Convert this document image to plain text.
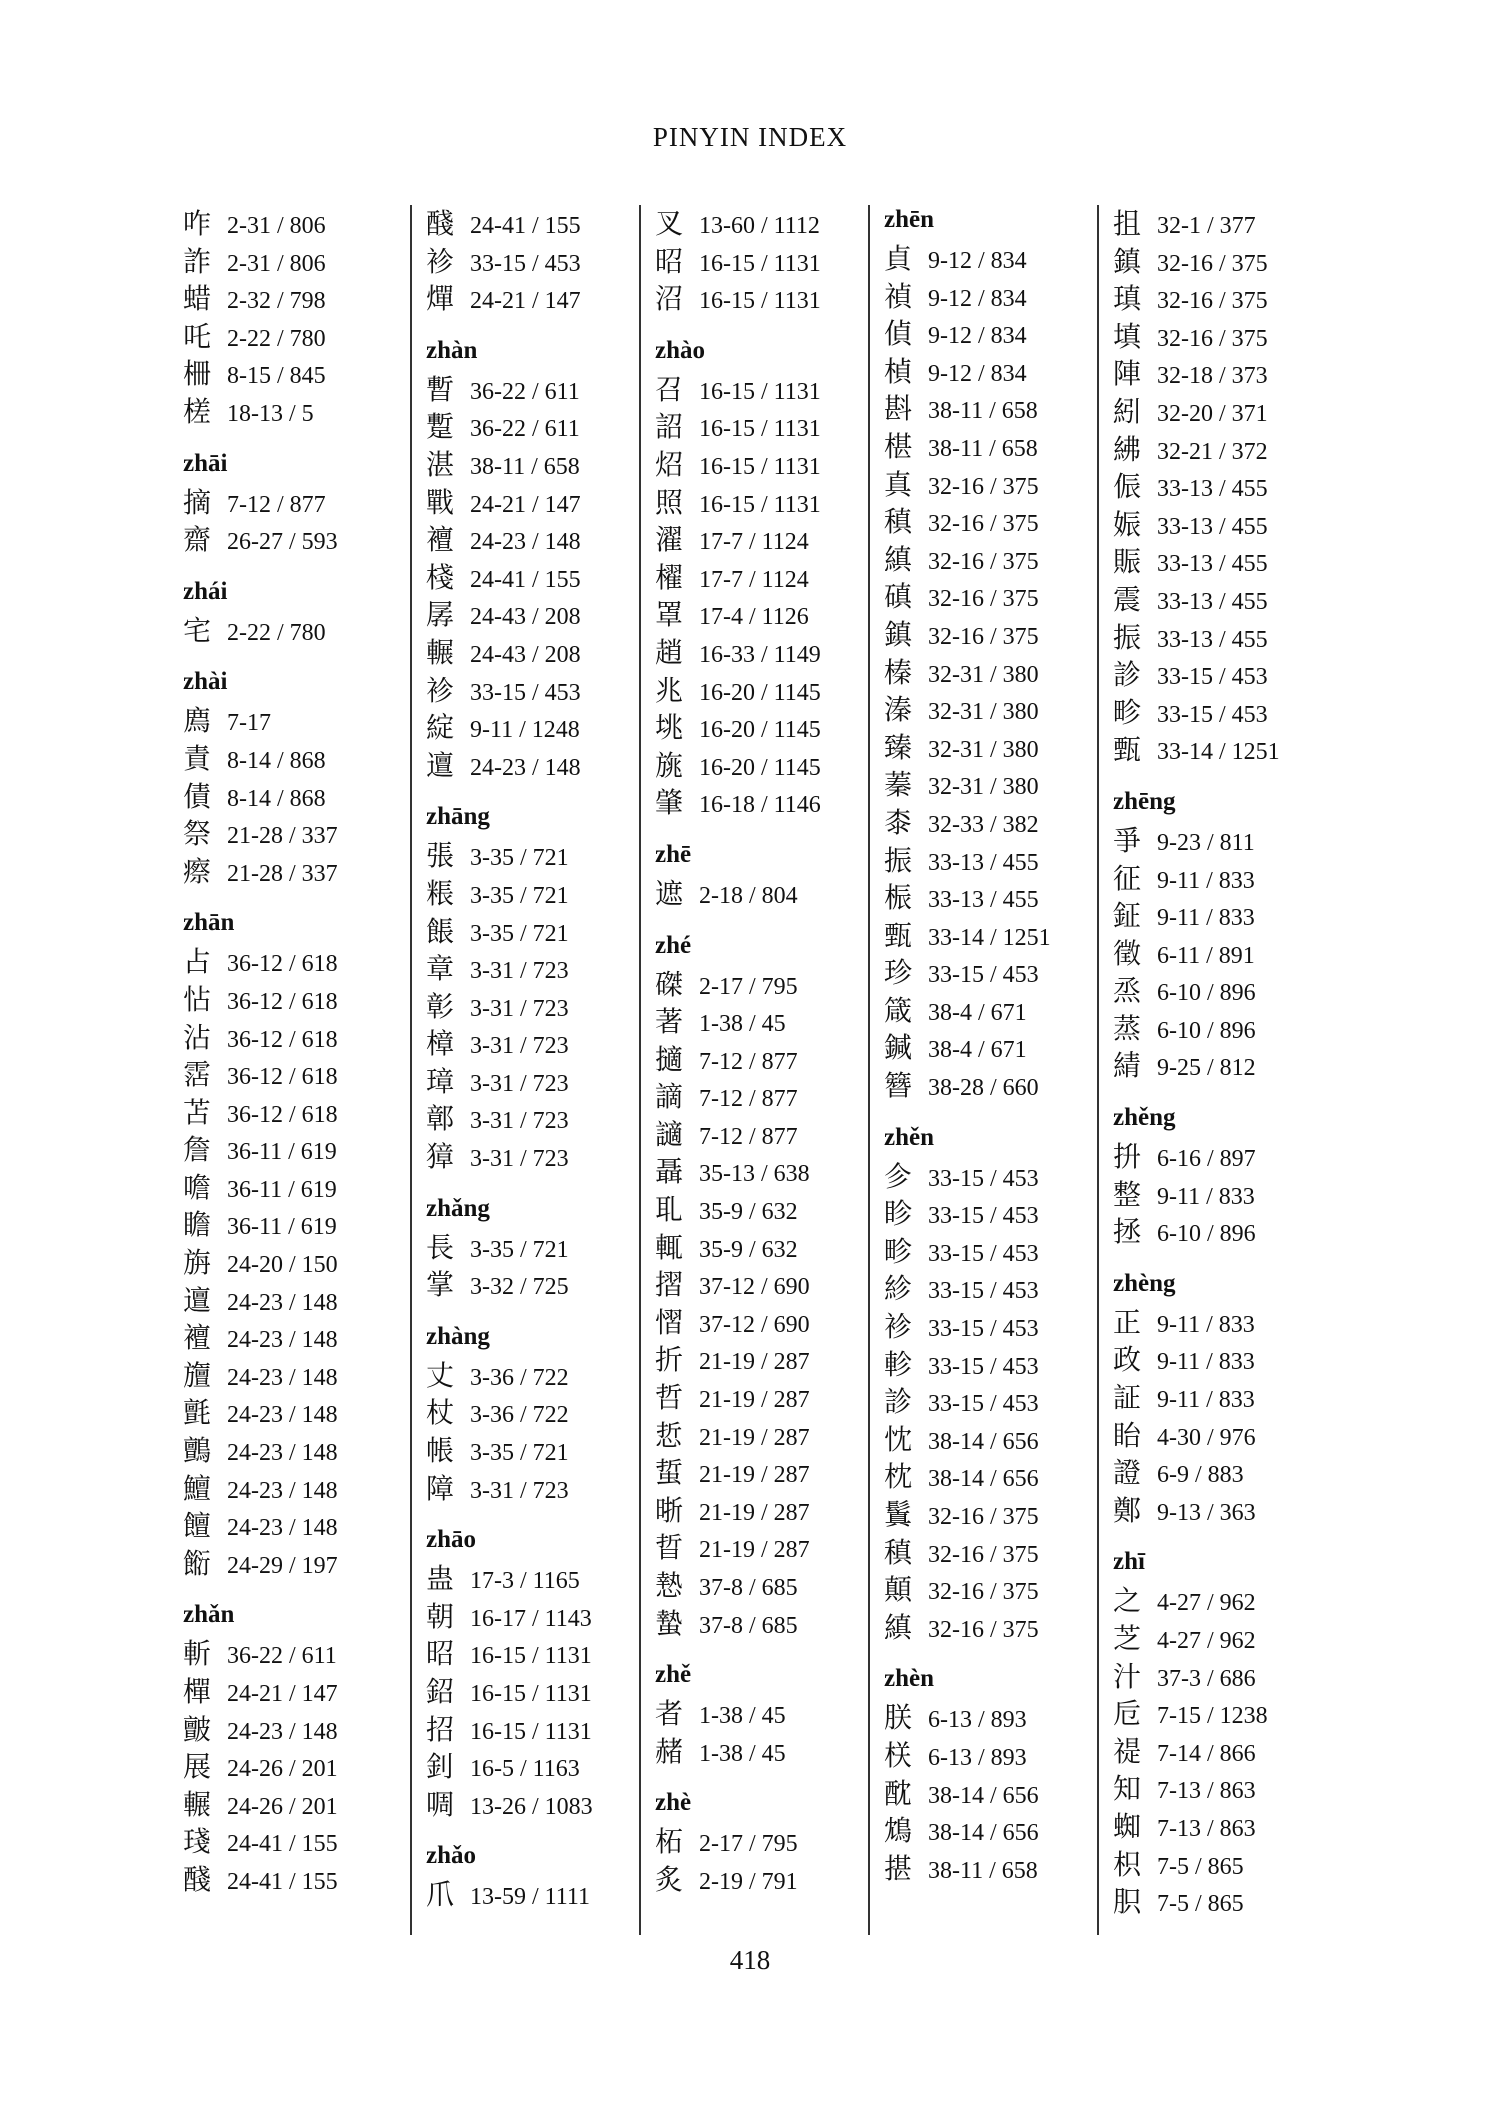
PINYIN INDEX
咋 2-31 / 806
詐 2-31 / 806
蜡 2-32 / 798
吒 2-22 / 780
柵 8-15 / 845
槎 18-13 / 5
zhāi
摘 7-12 / 877
齋 26-27 / 593
zhái
宅 2-22 / 780
zhài
廌 7-17
責 8-14 / 868
債 8-14 / 868
祭 21-28 / 337
瘵 21-28 / 337
zhān
占 36-12 / 618
怗 36-12 / 618
沾 36-12 / 618
霑 36-12 / 618
苫 36-12 / 618
詹 36-11 / 619
噡 36-11 / 619
瞻 36-11 / 619
旃 24-20 / 150
邅 24-23 / 148
襢 24-23 / 148
旜 24-23 / 148
氈 24-23 / 148
鸇 24-23 / 148
鱣 24-23 / 148
饘 24-23 / 148
餰 24-29 / 197
zhǎn
斬 36-22 / 611
樿 24-21 / 147
皽 24-23 / 148
展 24-26 / 201
輾 24-26 / 201
琖 24-41 / 155
醆 24-41 / 155
醆 24-41 / 155
袗 33-15 / 453
燀 24-21 / 147
zhàn
暫 36-22 / 611
蹔 36-22 / 611
湛 38-11 / 658
戰 24-21 / 147
襢 24-23 / 148
棧 24-41 / 155
孱 24-43 / 208
輾 24-43 / 208
袗 33-15 / 453
綻 9-11 / 1248
邅 24-23 / 148
zhāng
張 3-35 / 721
粻 3-35 / 721
餦 3-35 / 721
章 3-31 / 723
彰 3-31 / 723
樟 3-31 / 723
璋 3-31 / 723
鄣 3-31 / 723
獐 3-31 / 723
zhǎng
長 3-35 / 721
掌 3-32 / 725
zhàng
丈 3-36 / 722
杖 3-36 / 722
帳 3-35 / 721
障 3-31 / 723
zhāo
蛊 17-3 / 1165
朝 16-17 / 1143
昭 16-15 / 1131
鉊 16-15 / 1131
招 16-15 / 1131
釗 16-5 / 1163
啁 13-26 / 1083
zhǎo
爪 13-59 / 1111
叉 13-60 / 1112
昭 16-15 / 1131
沼 16-15 / 1131
zhào
召 16-15 / 1131
詔 16-15 / 1131
炤 16-15 / 1131
照 16-15 / 1131
濯 17-7 / 1124
櫂 17-7 / 1124
罩 17-4 / 1126
趙 16-33 / 1149
兆 16-20 / 1145
垗 16-20 / 1145
旐 16-20 / 1145
肇 16-18 / 1146
zhē
遮 2-18 / 804
zhé
磔 2-17 / 795
著 1-38 / 45
擿 7-12 / 877
謫 7-12 / 877
讁 7-12 / 877
聶 35-13 / 638
耴 35-9 / 632
輒 35-9 / 632
摺 37-12 / 690
慴 37-12 / 690
折 21-19 / 287
哲 21-19 / 287
悊 21-19 / 287
蜇 21-19 / 287
晣 21-19 / 287
晢 21-19 / 287
慹 37-8 / 685
蟄 37-8 / 685
zhě
者 1-38 / 45
赭 1-38 / 45
zhè
柘 2-17 / 795
炙 2-19 / 791
zhēn
貞 9-12 / 834
禎 9-12 / 834
偵 9-12 / 834
楨 9-12 / 834
斟 38-11 / 658
椹 38-11 / 658
真 32-16 / 375
稹 32-16 / 375
縝 32-16 / 375
磌 32-16 / 375
鎮 32-16 / 375
榛 32-31 / 380
溱 32-31 / 380
臻 32-31 / 380
蓁 32-31 / 380
桼 32-33 / 382
振 33-13 / 455
桭 33-13 / 455
甄 33-14 / 1251
珍 33-15 / 453
箴 38-4 / 671
鍼 38-4 / 671
簪 38-28 / 660
zhěn
㐱 33-15 / 453
眕 33-15 / 453
畛 33-15 / 453
紾 33-15 / 453
袗 33-15 / 453
軫 33-15 / 453
診 33-15 / 453
忱 38-14 / 656
枕 38-14 / 656
鬒 32-16 / 375
稹 32-16 / 375
顛 32-16 / 375
縝 32-16 / 375
zhèn
朕 6-13 / 893
栚 6-13 / 893
酖 38-14 / 656
鴆 38-14 / 656
揕 38-11 / 658
抯 32-1 / 377
鎮 32-16 / 375
瑱 32-16 / 375
填 32-16 / 375
陣 32-18 / 373
紖 32-20 / 371
紼 32-21 / 372
侲 33-13 / 455
娠 33-13 / 455
賑 33-13 / 455
震 33-13 / 455
振 33-13 / 455
診 33-15 / 453
畛 33-15 / 453
甄 33-14 / 1251
zhēng
爭 9-23 / 811
征 9-11 / 833
鉦 9-11 / 833
徵 6-11 / 891
烝 6-10 / 896
蒸 6-10 / 896
綪 9-25 / 812
zhěng
抍 6-16 / 897
整 9-11 / 833
拯 6-10 / 896
zhèng
正 9-11 / 833
政 9-11 / 833
証 9-11 / 833
眙 4-30 / 976
證 6-9 / 883
鄭 9-13 / 363
zhī
之 4-27 / 962
芝 4-27 / 962
汁 37-3 / 686
卮 7-15 / 1238
禔 7-14 / 866
知 7-13 / 863
蜘 7-13 / 863
枳 7-5 / 865
胑 7-5 / 865
418
